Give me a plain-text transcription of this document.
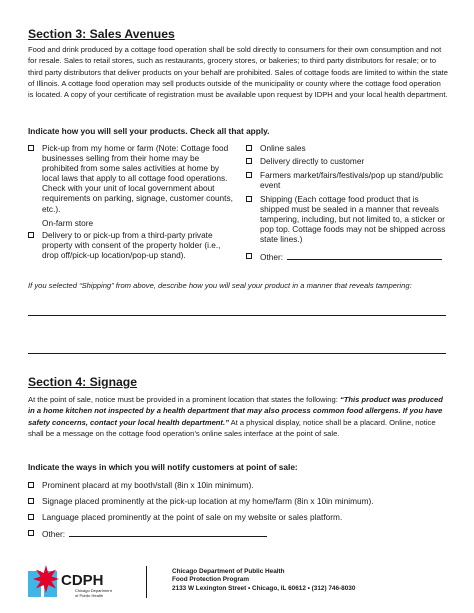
Section 3: Sales Avenues
Food and drink produced by a cottage food operation shall be sold directly to consumers for their own consumption and not for resale. Sales to retail stores, such as restaurants, grocery stores, or bakeries; to third party distributors for resale; or to third party distributors that deliver products on your behalf are prohibited. Sales of cottage foods are limited to within the state of Illinois. A cottage food operation may sell products outside of the municipality or county where the cottage food operation is located. A copy of your certificate of registration must be available upon request by IDPH and your local health department.
Indicate how you will sell your products. Check all that apply.
Pick-up from my home or farm (Note: Cottage food businesses selling from their home may be prohibited from some sales activities at home by local laws that apply to all cottage food operations. Check with your unit of local government about requirements on parking, signage, customer counts, etc.).
On-farm store
Delivery to or pick-up from a third-party private property with consent of the property holder (i.e., drop off/pick-up location/pop-up stand).
Online sales
Delivery directly to customer
Farmers market/fairs/festivals/pop up stand/public event
Shipping (Each cottage food product that is shipped must be sealed in a manner that reveals tampering, including, but not limited to, a sticker or pop top. Cottage foods may not be shipped across state lines.)
Other:
If you selected “Shipping” from above, describe how you will seal your product in a manner that reveals tampering:
Section 4: Signage
At the point of sale, notice must be provided in a prominent location that states the following: “This product was produced in a home kitchen not inspected by a health department that may also process common food allergens. If you have safety concerns, contact your local health department.” At a physical display, notice shall be a placard. Online, notice shall be a message on the cottage food operation’s online sales interface at the point of sale.
Indicate the ways in which you will notify customers at point of sale:
Prominent placard at my booth/stall (8in x 10in minimum).
Signage placed prominently at the pick-up location at my home/farm (8in x 10in minimum).
Language placed prominently at the point of sale on my website or sales platform.
Other:
CDPH
Chicago Department
of Public Health
Chicago Department of Public Health
Food Protection Program
2133 W Lexington Street • Chicago, IL 60612 • (312) 746-8030
